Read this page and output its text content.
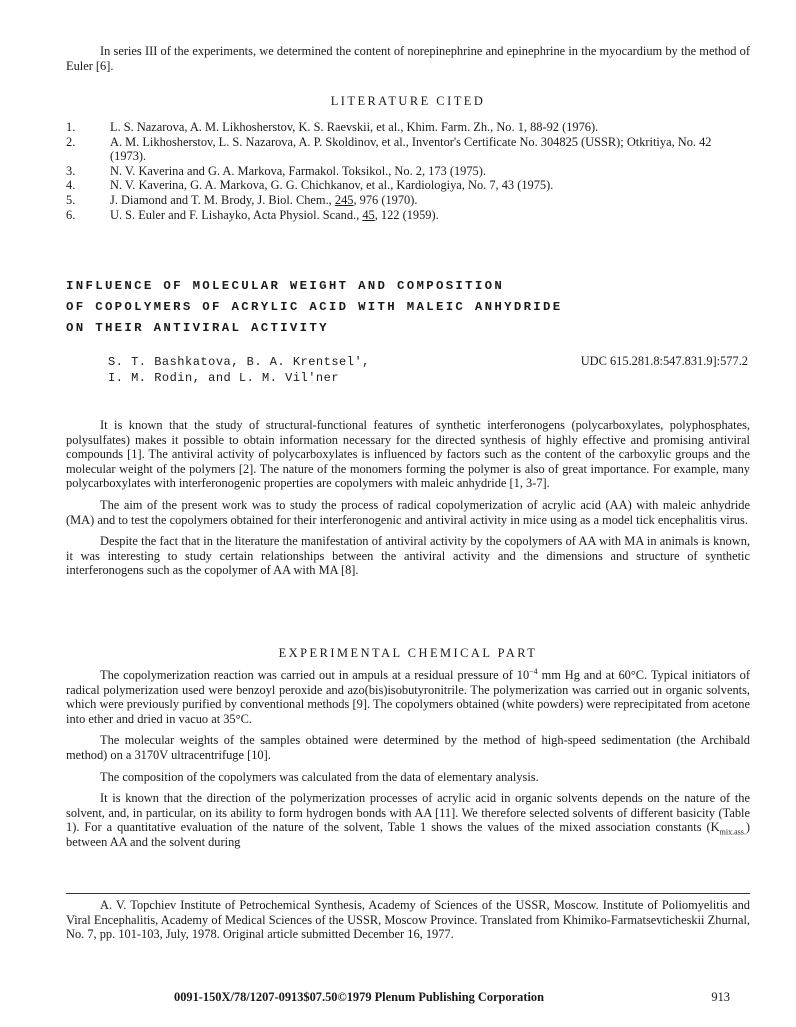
In series III of the experiments, we determined the content of norepinephrine and epinephrine in the myocardium by the method of Euler [6].

LITERATURE CITED
1.	L. S. Nazarova, A. M. Likhosherstov, K. S. Raevskii, et al., Khim. Farm. Zh., No. 1, 88-92 (1976).
2.	A. M. Likhosherstov, L. S. Nazarova, A. P. Skoldinov, et al., Inventor's Certificate No. 304825 (USSR); Otkritiya, No. 42 (1973).
3.	N. V. Kaverina and G. A. Markova, Farmakol. Toksikol., No. 2, 173 (1975).
4.	N. V. Kaverina, G. A. Markova, G. G. Chichkanov, et al., Kardiologiya, No. 7, 43 (1975).
5.	J. Diamond and T. M. Brody, J. Biol. Chem., 245, 976 (1970).
6.	U. S. Euler and F. Lishayko, Acta Physiol. Scand., 45, 122 (1959).
INFLUENCE OF MOLECULAR WEIGHT AND COMPOSITION
OF COPOLYMERS OF ACRYLIC ACID WITH MALEIC ANHYDRIDE
ON THEIR ANTIVIRAL ACTIVITY
S. T. Bashkatova, B. A. Krentsel',
I. M. Rodin, and L. M. Vil'ner
UDC 615.281.8:547.831.9]:577.2

It is known that the study of structural-functional features of synthetic interferonogens (polycarboxylates, polyphosphates, polysulfates) makes it possible to obtain information necessary for the directed synthesis of highly effective and promising antiviral compounds [1]. The antiviral activity of polycarboxylates is influenced by factors such as the content of the carboxylic groups and the molecular weight of the polymers [2]. The nature of the monomers forming the polymer is also of great importance. For example, many polycarboxylates with interferonogenic properties are copolymers with maleic anhydride [1, 3-7].

The aim of the present work was to study the process of radical copolymerization of acrylic acid (AA) with maleic anhydride (MA) and to test the copolymers obtained for their interferonogenic and antiviral activity in mice using as a model tick encephalitis virus.

Despite the fact that in the literature the manifestation of antiviral activity by the copolymers of AA with MA in animals is known, it was interesting to study certain relationships between the antiviral activity and the dimensions and structure of synthetic interferonogens such as the copolymer of AA with MA [8].

EXPERIMENTAL CHEMICAL PART

The copolymerization reaction was carried out in ampuls at a residual pressure of $10^{-4}$ mm Hg and at 60°C. Typical initiators of radical polymerization used were benzoyl peroxide and azo(bis)isobutyronitrile. The polymerization was carried out in organic solvents, which were previously purified by conventional methods [9]. The copolymers obtained (white powders) were reprecipitated from acetone into ether and dried in vacuo at 35°C.

The molecular weights of the samples obtained were determined by the method of high-speed sedimentation (the Archibald method) on a 3170V ultracentrifuge [10].

The composition of the copolymers was calculated from the data of elementary analysis.

It is known that the direction of the polymerization processes of acrylic acid in organic solvents depends on the nature of the solvent, and, in particular, on its ability to form hydrogen bonds with AA [11]. We therefore selected solvents of different basicity (Table 1). For a quantitative evaluation of the nature of the solvent, Table 1 shows the values of the mixed association constants $(K_{mix.ass.})$ between AA and the solvent during

A. V. Topchiev Institute of Petrochemical Synthesis, Academy of Sciences of the USSR, Moscow. Institute of Poliomyelitis and Viral Encephalitis, Academy of Medical Sciences of the USSR, Moscow Province. Translated from Khimiko-Farmatsevticheskii Zhurnal, No. 7, pp. 101-103, July, 1978. Original article submitted December 16, 1977.

0091-150X/78/1207-0913$07.50©1979 Plenum Publishing Corporation	913
